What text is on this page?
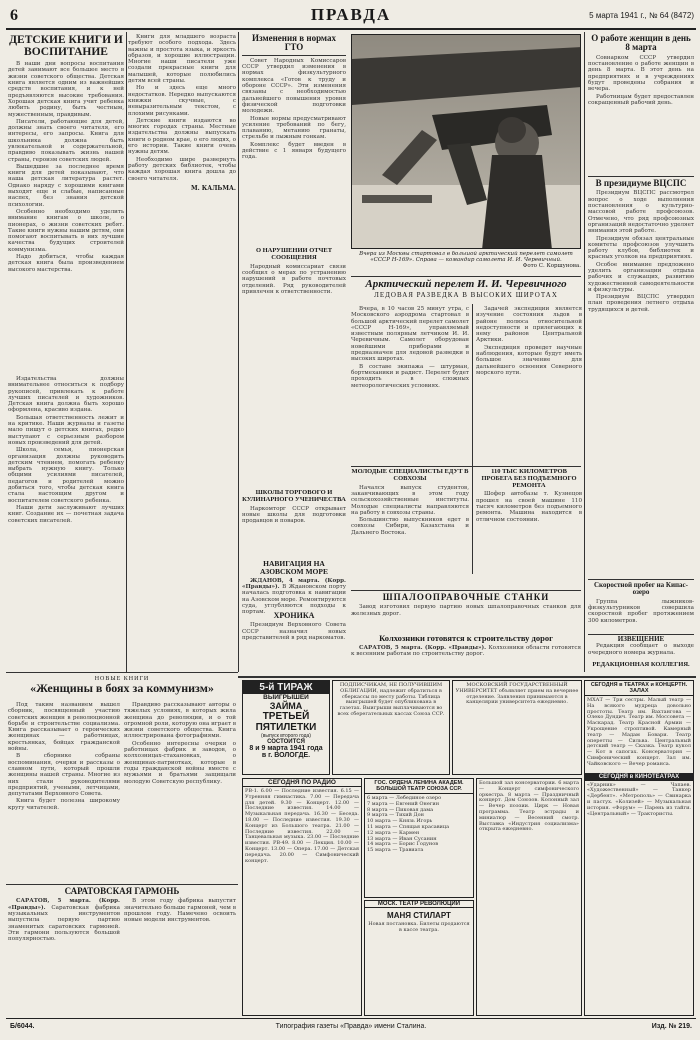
6	ПРАВДА	5 марта 1941 г., № 64 (8472)
ДЕТСКИЕ КНИГИ И ВОСПИТАНИЕ

В наши дни вопросы воспитания детей занимают все большее место в жизни советского общества. Детская книга является одним из важнейших средств воспитания, и к ней предъявляются высокие требования. Хорошая детская книга учит ребенка любить родину, быть честным, мужественным, правдивым.

Писатели, работающие для детей, должны знать своего читателя, его интересы, его запросы. Книга для школьника должна быть увлекательной и содержательной, правдиво показывать жизнь нашей страны, героизм советских людей.

Вышедшие за последнее время книги для детей показывают, что наша детская литература растет. Однако наряду с хорошими книгами выходят еще и слабые, написанные наспех, без знания детской психологии.

Особенно необходимо уделить внимание книгам о школе, о пионерах, о жизни советских ребят. Такие книги нужны нашим детям, они помогают воспитывать в них лучшие качества будущих строителей коммунизма.

Надо добиться, чтобы каждая детская книга была произведением высокого мастерства.

Издательства должны внимательнее относиться к подбору рукописей, привлекать к работе лучших писателей и художников. Детская книга должна быть хорошо оформлена, красиво издана.

Большая ответственность лежит и на критике. Наши журналы и газеты мало пишут о детских книгах, редко выступают с серьезным разбором новых произведений для детей.

Школа, семья, пионерская организация должны руководить детским чтением, помогать ребенку выбрать нужную книгу. Только общими усилиями писателей, педагогов и родителей можно добиться того, чтобы детская книга стала настоящим другом и воспитателем советского ребенка.

Наши дети заслуживают лучших книг. Создание их — почетная задача советских писателей.

Книги для младшего возраста требуют особого подхода. Здесь важны и простота языка, и яркость образов, и хорошие иллюстрации. Многие наши писатели уже создали прекрасные книги для малышей, которые полюбились детям всей страны.

Но и здесь еще много недостатков. Нередко выпускаются книжки скучные, с невыразительным текстом, с плохими рисунками.

Детские книги издаются во многих городах страны. Местные издательства должны выпускать книги о родном крае, о его людях, о его истории. Такие книги очень нужны детям.

Необходимо шире развернуть работу детских библиотек, чтобы каждая хорошая книга дошла до своего читателя.

М. КАЛЬМА.
НОВЫЕ КНИГИ
«Женщины в боях за коммунизм»

Под таким названием вышел сборник, посвященный участию советских женщин в революционной борьбе и строительстве социализма. Книга рассказывает о героических женщинах — работницах, крестьянках, бойцах гражданской войны.

В сборнике собраны воспоминания, очерки и рассказы о славном пути, который прошли женщины нашей страны. Многие из них стали руководителями предприятий, учеными, летчицами, депутатами Верховного Совета.

Книга будет полезна широкому кругу читателей.

Правдиво рассказывают авторы о тяжелых условиях, в которых жила женщина до революции, и о той огромной роли, которую она играет в жизни советского общества. Книга иллюстрирована фотографиями.

Особенно интересны очерки о работницах фабрик и заводов, о колхозницах-стахановках, о женщинах-патриотках, которые в годы гражданской войны вместе с мужьями и братьями защищали молодую Советскую республику.

САРАТОВСКАЯ ГАРМОНЬ

САРАТОВ, 5 марта. (Корр. «Правды»). Саратовская фабрика музыкальных инструментов выпустила первую партию знаменитых саратовских гармоней. Эти гармони пользуются большой популярностью.

В этом году фабрика выпустит значительно больше гармоней, чем в прошлом году. Намечено освоить новые модели инструментов.

Изменения в нормах ГТО

Совет Народных Комиссаров СССР утвердил изменения в нормах физкультурного комплекса «Готов к труду и обороне СССР». Эти изменения связаны с необходимостью дальнейшего повышения уровня физической подготовки молодежи.

Новые нормы предусматривают усиление требований по бегу, плаванию, метанию гранаты, стрельбе и лыжным гонкам.

Комплекс будет введен в действие с 1 января будущего года.

О НАРУШЕНИИ ОТЧЕТ СООБЩЕНИЯ

Народный комиссариат связи сообщил о мерах по устранению нарушений в работе почтовых отделений. Ряд руководителей привлечен к ответственности.

ШКОЛЫ ТОРГОВОГО И КУЛИНАРНОГО УЧЕНИЧЕСТВА

Наркомторг СССР открывает новые школы для подготовки продавцов и поваров.

НАВИГАЦИЯ НА АЗОВСКОМ МОРЕ

ЖДАНОВ, 4 марта. (Корр. «Правды»). В Ждановском порту началась подготовка к навигации на Азовском море. Ремонтируются суда, углубляются подходы к портам.	ХРОНИКА

Президиум Верховного Совета СССР назначил новых представителей в ряд наркоматов.

Вчера из Москвы стартовал в большой арктический перелет самолет «СССР Н-169». Справа — командир самолета И. И. Черевичный.
Фото С. Коршунова.
Арктический перелет И. И. Черевичного
ЛЕДОВАЯ РАЗВЕДКА В ВЫСОКИХ ШИРОТАХ

Вчера, в 10 часов 25 минут утра, с Московского аэродрома стартовал в большой арктический перелет самолет «СССР Н-169», управляемый известным полярным летчиком И. И. Черевичным. Самолет оборудован новейшими приборами и предназначен для ледовой разведки в высоких широтах.

В составе экипажа — штурман, бортмеханики и радист. Перелет будет проходить в сложных метеорологических условиях.

Задачей экспедиции является изучение состояния льдов в районе полюса относительной недоступности и прилегающих к нему районов Центральной Арктики.

Экспедиция проведет научные наблюдения, которые будут иметь большое значение для дальнейшего освоения Северного морского пути.

МОЛОДЫЕ СПЕЦИАЛИСТЫ ЕДУТ В СОВХОЗЫ

Начался выпуск студентов, заканчивающих в этом году сельскохозяйственные институты. Молодые специалисты направляются на работу в совхозы страны.

Большинство выпускников едет в совхозы Сибири, Казахстана и Дальнего Востока.

110 ТЫС КИЛОМЕТРОВ ПРОБЕГА БЕЗ ПОДЪЕМНОГО РЕМОНТА

Шофер автобазы т. Кузнецов прошел на своей машине 110 тысяч километров без подъемного ремонта. Машина находится в отличном состоянии.

ШПАЛООПРАВОЧНЫЕ СТАНКИ

Завод изготовил первую партию новых шпалоправочных станков для железных дорог.

Колхозники готовятся к строительству дорог

САРАТОВ, 5 марта. (Корр. «Правды»). Колхозники области готовятся к весенним работам по строительству дорог.

О работе женщин в день 8 марта

Совнарком СССР утвердил постановление о работе женщин в день 8 марта. В этот день на предприятиях и в учреждениях будут проведены собрания и вечера.

Работницам будет предоставлен сокращенный рабочий день.

В президиуме ВЦСПС

Президиум ВЦСПС рассмотрел вопрос о ходе выполнения постановления о культурно-массовой работе профсоюзов. Отмечено, что ряд профсоюзных организаций недостаточно уделяет внимания этой работе.

Президиум обязал центральные комитеты профсоюзов улучшить работу клубов, библиотек и красных уголков на предприятиях.

Особое внимание предложено уделить организации отдыха рабочих и служащих, развитию художественной самодеятельности и физкультуры.

Президиум ВЦСПС утвердил план проведения летнего отдыха трудящихся и детей.

Скоростной пробег на Кипас-озеро

Группа лыжников-физкультурников совершила скоростной пробег протяжением 300 километров.

ИЗВЕЩЕНИЕ

Редакция сообщает о выходе очередного номера журнала.

РЕДАКЦИОННАЯ КОЛЛЕГИЯ.
5-й ТИРАЖ
ВЫИГРЫШЕЙ
ЗАЙМА
ТРЕТЬЕЙ
ПЯТИЛЕТКИ
(выпуск второго года)
СОСТОИТСЯ
8 и 9 марта 1941 года
в г. ВОЛОГДЕ.
ПОДПИСЧИКАМ, НЕ ПОЛУЧИВШИМ ОБЛИГАЦИИ, надлежит обратиться в сберкассы по месту работы. Таблица выигрышей будет опубликована в газетах. Выигрыши выплачиваются во всех сберегательных кассах Союза ССР.
МОСКОВСКИЙ ГОСУДАРСТВЕННЫЙ УНИВЕРСИТЕТ объявляет прием на вечернее отделение. Заявления принимаются в канцелярии университета ежедневно.
СЕГОДНЯ ПО РАДИО
РВ-1. 6.00 — Последние известия. 6.15 — Утренняя гимнастика. 7.00 — Передача для детей. 9.30 — Концерт. 12.00 — Последние известия. 14.00 — Музыкальная передача. 16.30 — Беседа. 18.00 — Последние известия. 19.30 — Концерт из Большого театра. 21.00 — Последние известия. 22.00 — Танцевальная музыка. 23.00 — Последние известия. РВ-49. 8.00 — Лекция. 10.00 — Концерт. 13.00 — Опера. 17.00 — Детская передача. 20.00 — Симфонический концерт.
ГОС. ОРДЕНА ЛЕНИНА АКАДЕМ. БОЛЬШОЙ ТЕАТР СОЮЗА ССР.
6 марта — Лебединое озеро
7 марта — Евгений Онегин
8 марта — Пиковая дама
9 марта — Тихий Дон
10 марта — Князь Игорь
11 марта — Спящая красавица
12 марта — Кармен
13 марта — Иван Сусанин
14 марта — Борис Годунов
15 марта — Травиата
МОСК. ТЕАТР РЕВОЛЮЦИИ
МАНЯ СТИЛАРТ
Новая постановка. Билеты продаются в кассе театра.
СЕГОДНЯ в ТЕАТРАХ и КОНЦЕРТН. ЗАЛАХ
МХАТ — Три сестры. Малый театр — На всякого мудреца довольно простоты. Театр им. Вахтангова — Олеко Дундич. Театр им. Моссовета — Маскарад. Театр Красной Армии — Укрощение строптивой. Камерный театр — Мадам Бовари. Театр оперетты — Сильва. Центральный детский театр — Сказка. Театр кукол — Кот в сапогах. Консерватория — Симфонический концерт. Зал им. Чайковского — Вечер романса.
СЕГОДНЯ в КИНОТЕАТРАХ
«Ударник» — Чапаев. «Художественный» — Танкер «Дербент». «Метрополь» — Свинарка и пастух. «Колизей» — Музыкальная история. «Форум» — Парень из тайги. «Центральный» — Трактористы.
Большой зал консерватории. 6 марта — Концерт симфонического оркестра. 8 марта — Праздничный концерт. Дом Союзов. Колонный зал — Вечер поэзии. Цирк — Новая программа. Театр эстрады и миниатюр — Весенний смотр. Выставка «Индустрия социализма» открыта ежедневно.
Б/6044.	Типография газеты «Правда» имени Сталина.	Изд. № 219.
